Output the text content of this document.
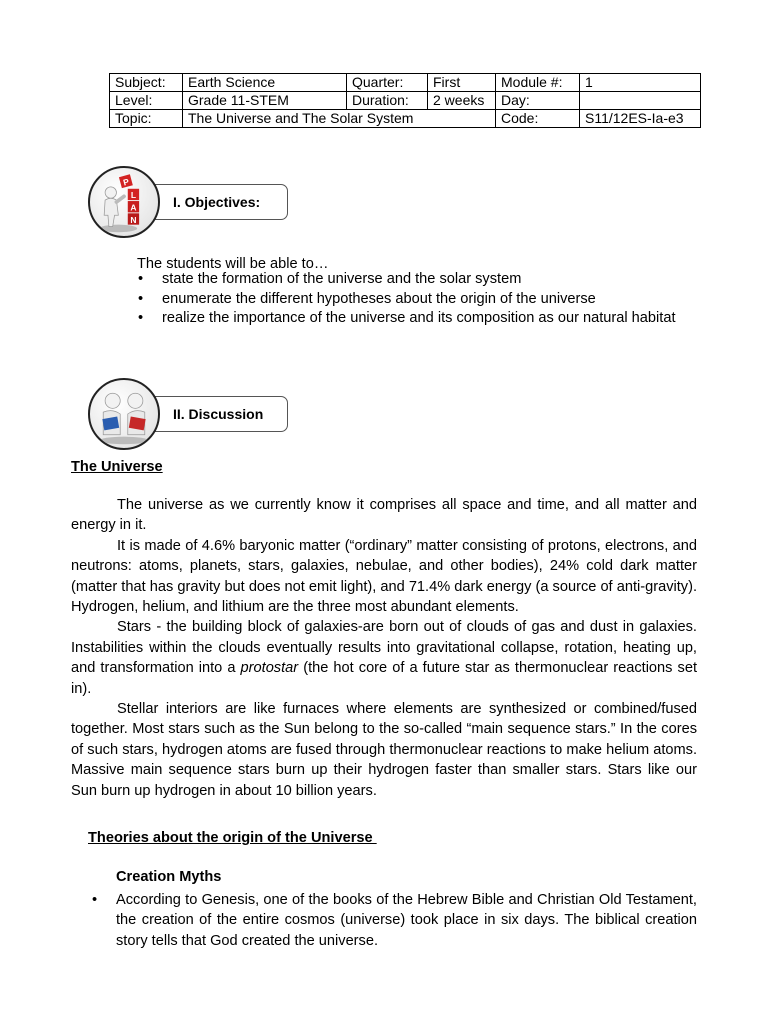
Subject:	Earth Science	Quarter:	First	Module #:	1
Level:	Grade 11-STEM	Duration:	2 weeks	Day:	
Topic:	The Universe and The Solar System			Code:	S11/12ES-Ia-e3
I. Objectives:
P
L
A
N
The students will be able to…
• state the formation of the universe and the solar system
• enumerate the different hypotheses about the origin of the universe
• realize the importance of the universe and its composition as our natural habitat
II. Discussion
The Universe

The universe as we currently know it comprises all space and time, and all matter and energy in it.

It is made of 4.6% baryonic matter (“ordinary” matter consisting of protons, electrons, and neutrons: atoms, planets, stars, galaxies, nebulae, and other bodies), 24% cold dark matter (matter that has gravity but does not emit light), and 71.4% dark energy (a source of anti-gravity). Hydrogen, helium, and lithium are the three most abundant elements.

Stars - the building block of galaxies-are born out of clouds of gas and dust in galaxies. Instabilities within the clouds eventually results into gravitational collapse, rotation, heating up, and transformation into a protostar (the hot core of a future star as thermonuclear reactions set in).

Stellar interiors are like furnaces where elements are synthesized or combined/fused together. Most stars such as the Sun belong to the so-called “main sequence stars.” In the cores of such stars, hydrogen atoms are fused through thermonuclear reactions to make helium atoms. Massive main sequence stars burn up their hydrogen faster than smaller stars. Stars like our Sun burn up hydrogen in about 10 billion years.

Theories about the origin of the Universe
Creation Myths
• According to Genesis, one of the books of the Hebrew Bible and Christian Old Testament, the creation of the entire cosmos (universe) took place in six days. The biblical creation story tells that God created the universe.
